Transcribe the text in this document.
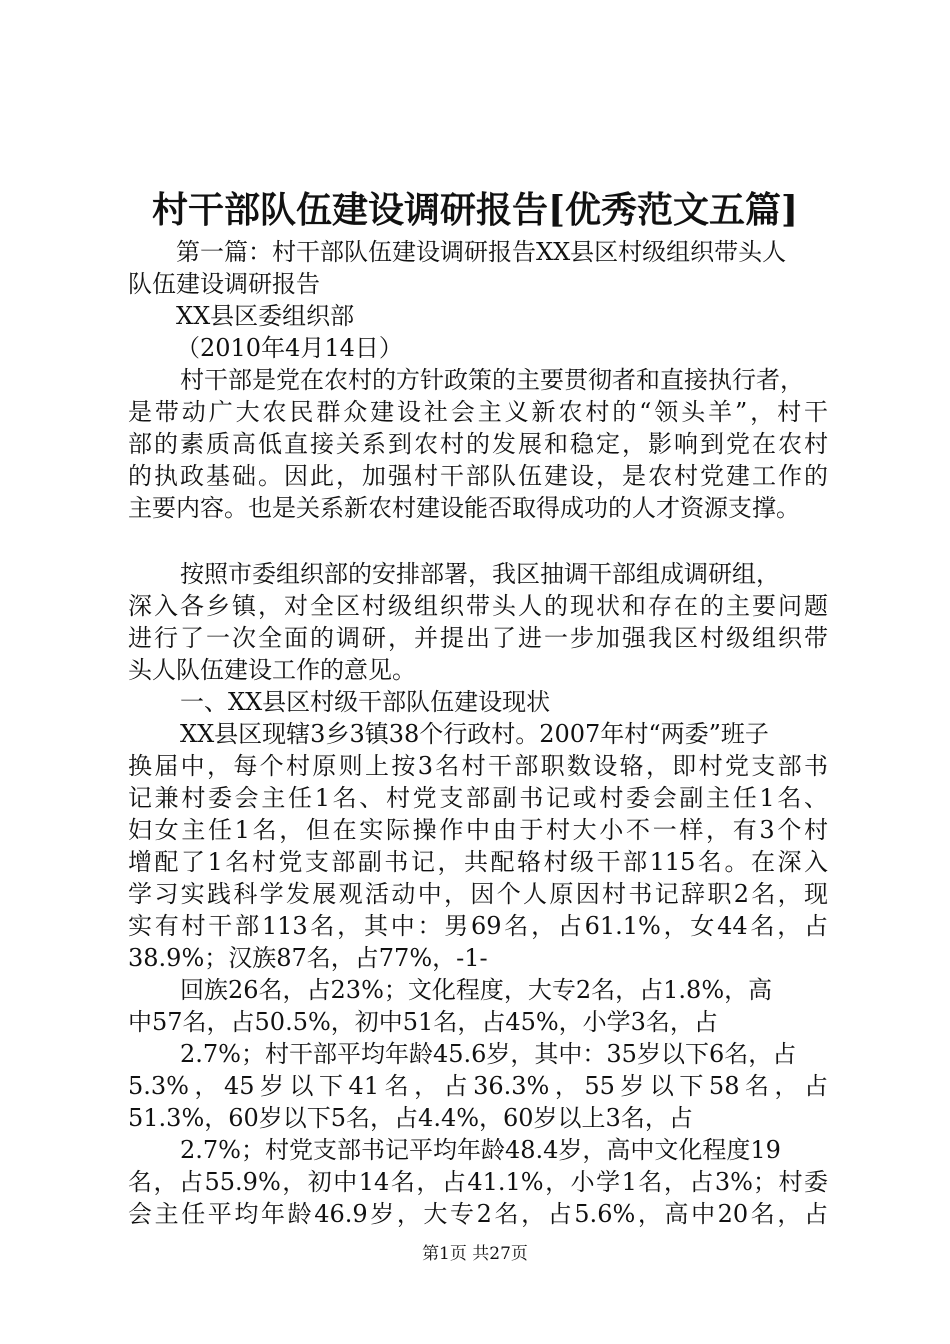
村干部队伍建设调研报告[优秀范文五篇]
第一篇：村干部队伍建设调研报告XX县区村级组织带头人
队伍建设调研报告
XX县区委组织部
（2010年4月14日）
村干部是党在农村的方针政策的主要贯彻者和直接执行者，
是带动广大农民群众建设社会主义新农村的“领头羊”，村干
部的素质高低直接关系到农村的发展和稳定，影响到党在农村
的执政基础。因此，加强村干部队伍建设，是农村党建工作的
主要内容。也是关系新农村建设能否取得成功的人才资源支撑。
按照市委组织部的安排部署，我区抽调干部组成调研组，
深入各乡镇，对全区村级组织带头人的现状和存在的主要问题
进行了一次全面的调研，并提出了进一步加强我区村级组织带
头人队伍建设工作的意见。
一、XX县区村级干部队伍建设现状
XX县区现辖3乡3镇38个行政村。2007年村“两委”班子
换届中，每个村原则上按3名村干部职数设辂，即村党支部书
记兼村委会主任1名、村党支部副书记或村委会副主任1名、
妇女主任1名，但在实际操作中由于村大小不一样，有3个村
增配了1名村党支部副书记，共配辂村级干部115名。在深入
学习实践科学发展观活动中，因个人原因村书记辞职2名，现
实有村干部113名，其中：男69名，占61.1%，女44名，占
38.9%；汉族87名，占77%，-1-
回族26名，占23%；文化程度，大专2名，占1.8%，高
中57名，占50.5%，初中51名，占45%，小学3名，占
2.7%；村干部平均年龄45.6岁，其中：35岁以下6名，占
5.3%，45岁以下41名，占36.3%，55岁以下58名，占
51.3%，60岁以下5名，占4.4%，60岁以上3名，占
2.7%；村党支部书记平均年龄48.4岁，高中文化程度19
名，占55.9%，初中14名，占41.1%，小学1名，占3%；村委
会主任平均年龄46.9岁，大专2名，占5.6%，高中20名，占
第1页 共27页
